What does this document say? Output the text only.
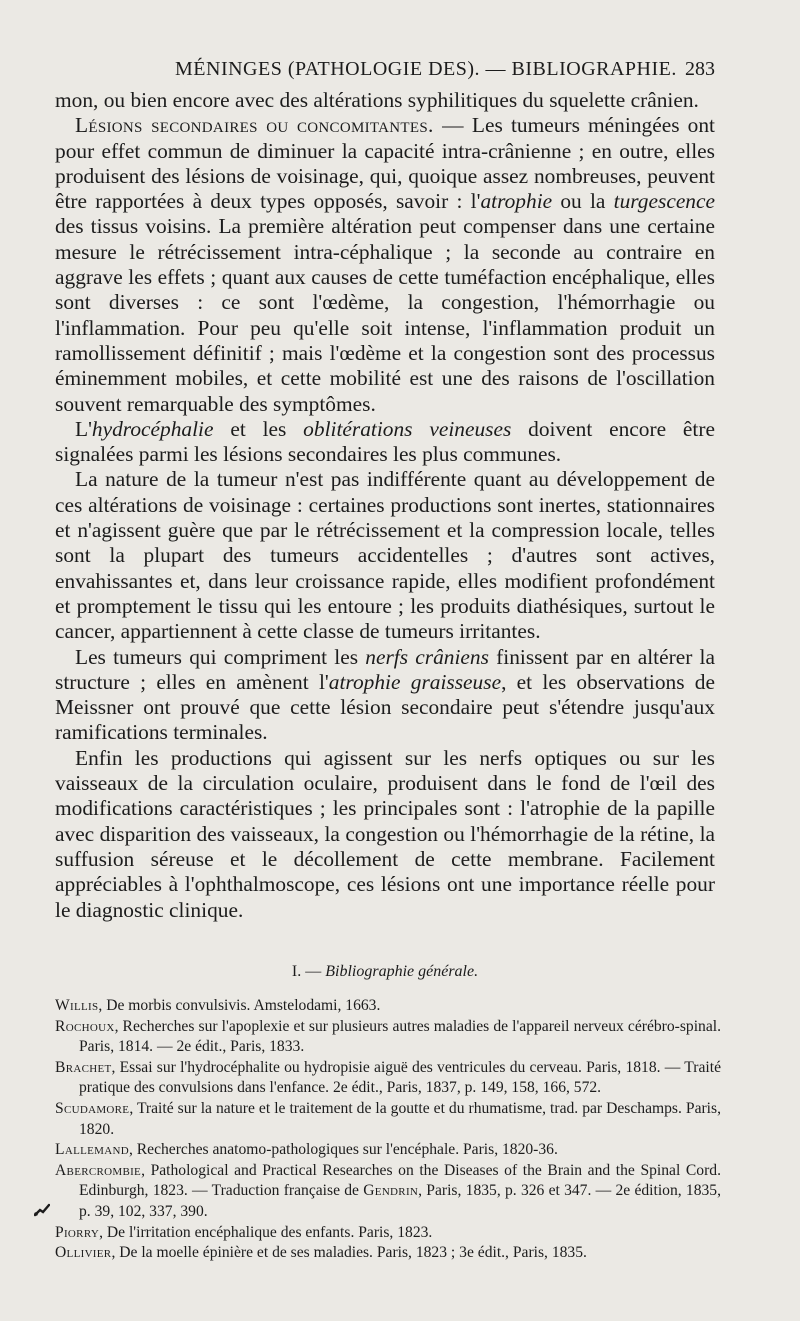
MÉNINGES (PATHOLOGIE DES). — BIBLIOGRAPHIE. 283

mon, ou bien encore avec des altérations syphilitiques du squelette crânien.

Lésions secondaires ou concomitantes. — Les tumeurs méningées ont pour effet commun de diminuer la capacité intra-crânienne ; en outre, elles produisent des lésions de voisinage, qui, quoique assez nombreuses, peuvent être rapportées à deux types opposés, savoir : l'atrophie ou la turgescence des tissus voisins. La première altération peut compenser dans une certaine mesure le rétrécissement intra-céphalique ; la seconde au contraire en aggrave les effets ; quant aux causes de cette tuméfaction encéphalique, elles sont diverses : ce sont l'œdème, la congestion, l'hémorrhagie ou l'inflammation. Pour peu qu'elle soit intense, l'inflammation produit un ramollissement définitif ; mais l'œdème et la congestion sont des processus éminemment mobiles, et cette mobilité est une des raisons de l'oscillation souvent remarquable des symptômes.

L'hydrocéphalie et les oblitérations veineuses doivent encore être signalées parmi les lésions secondaires les plus communes.

La nature de la tumeur n'est pas indifférente quant au développement de ces altérations de voisinage : certaines productions sont inertes, stationnaires et n'agissent guère que par le rétrécissement et la compression locale, telles sont la plupart des tumeurs accidentelles ; d'autres sont actives, envahissantes et, dans leur croissance rapide, elles modifient profondément et promptement le tissu qui les entoure ; les produits diathésiques, surtout le cancer, appartiennent à cette classe de tumeurs irritantes.

Les tumeurs qui compriment les nerfs crâniens finissent par en altérer la structure ; elles en amènent l'atrophie graisseuse, et les observations de Meissner ont prouvé que cette lésion secondaire peut s'étendre jusqu'aux ramifications terminales.

Enfin les productions qui agissent sur les nerfs optiques ou sur les vaisseaux de la circulation oculaire, produisent dans le fond de l'œil des modifications caractéristiques ; les principales sont : l'atrophie de la papille avec disparition des vaisseaux, la congestion ou l'hémorrhagie de la rétine, la suffusion séreuse et le décollement de cette membrane. Facilement appréciables à l'ophthalmoscope, ces lésions ont une importance réelle pour le diagnostic clinique.

I. — Bibliographie générale.
Willis, De morbis convulsivis. Amstelodami, 1663.
Rochoux, Recherches sur l'apoplexie et sur plusieurs autres maladies de l'appareil nerveux cérébro-spinal. Paris, 1814. — 2e édit., Paris, 1833.
Brachet, Essai sur l'hydrocéphalite ou hydropisie aiguë des ventricules du cerveau. Paris, 1818. — Traité pratique des convulsions dans l'enfance. 2e édit., Paris, 1837, p. 149, 158, 166, 572.
Scudamore, Traité sur la nature et le traitement de la goutte et du rhumatisme, trad. par Deschamps. Paris, 1820.
Lallemand, Recherches anatomo-pathologiques sur l'encéphale. Paris, 1820-36.
Abercrombie, Pathological and Practical Researches on the Diseases of the Brain and the Spinal Cord. Edinburgh, 1823. — Traduction française de Gendrin, Paris, 1835, p. 326 et 347. — 2e édition, 1835, p. 39, 102, 337, 390.
Piorry, De l'irritation encéphalique des enfants. Paris, 1823.
Ollivier, De la moelle épinière et de ses maladies. Paris, 1823 ; 3e édit., Paris, 1835.
